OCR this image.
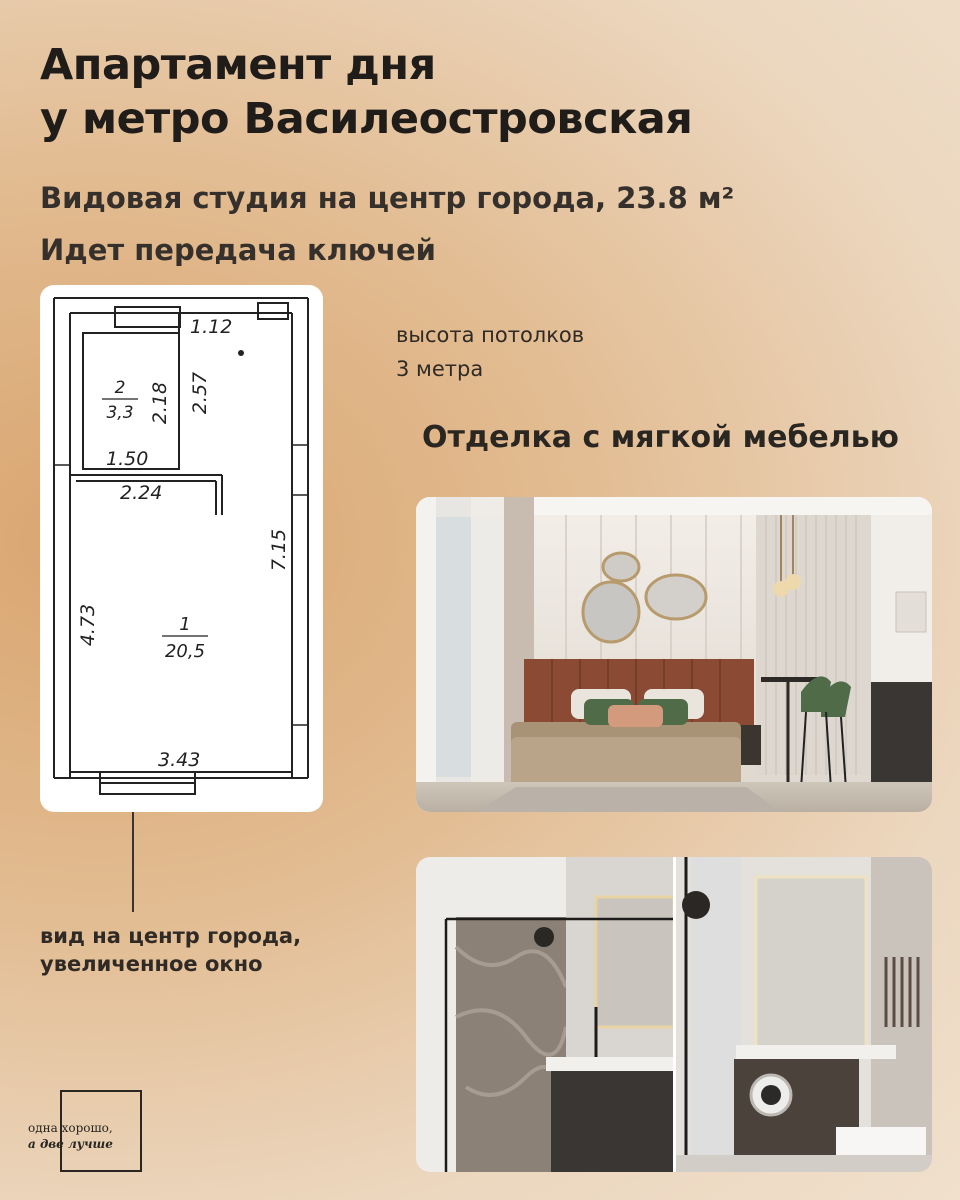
Апартамент дня
у метро Василеостровская

Видовая студия на центр города, 23.8 м²

Идет передача ключей

1.12
2
3,3 2.18 2.57
1.50
2.24
7.15
4.73	1
20,5
3.43

высота потолков
3 метра

Отделка с мягкой мебелью

вид на центр города,
увеличенное окно

одна хорошо,
а две лучше
